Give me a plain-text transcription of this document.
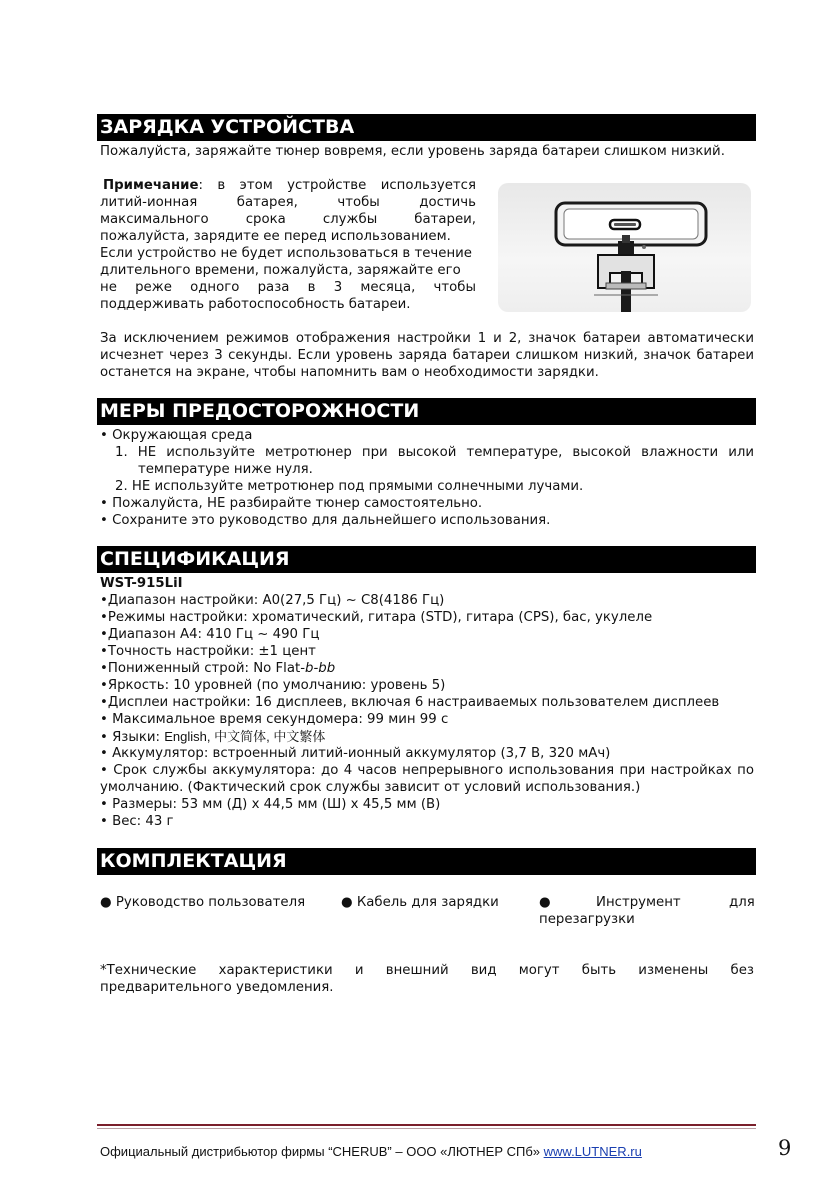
ЗАРЯДКА УСТРОЙСТВА
Пожалуйста, заряжайте тюнер вовремя, если уровень заряда батареи слишком низкий.
Примечание: в этом устройстве используется
литий-ионная батарея, чтобы достичь
максимального срока службы батареи,
пожалуйста, зарядите ее перед использованием.
Если устройство не будет использоваться в течение
длительного времени, пожалуйста, заряжайте его
не реже одного раза в 3 месяца, чтобы
поддерживать работоспособность батареи.
За исключением режимов отображения настройки 1 и 2, значок батареи автоматически
исчезнет через 3 секунды. Если уровень заряда батареи слишком низкий, значок батареи
останется на экране, чтобы напомнить вам о необходимости зарядки.
МЕРЫ ПРЕДОСТОРОЖНОСТИ
• Окружающая среда
1. НЕ используйте метротюнер при высокой температуре, высокой влажности или
температуре ниже нуля.
2. НЕ используйте метротюнер под прямыми солнечными лучами.
• Пожалуйста, НЕ разбирайте тюнер самостоятельно.
• Сохраните это руководство для дальнейшего использования.
СПЕЦИФИКАЦИЯ
WST-915LiI
•Диапазон настройки: A0(27,5 Гц) ~ C8(4186 Гц)
•Режимы настройки: хроматический, гитара (STD), гитара (CPS), бас, укулеле
•Диапазон A4: 410 Гц ~ 490 Гц
•Точность настройки: ±1 цент
•Пониженный строй: No Flat-b-bb
•Яркость: 10 уровней (по умолчанию: уровень 5)
•Дисплеи настройки: 16 дисплеев, включая 6 настраиваемых пользователем дисплеев
• Максимальное время секундомера: 99 мин 99 с
• Языки: English, 中文简体, 中文繁体
• Аккумулятор: встроенный литий-ионный аккумулятор (3,7 В, 320 мАч)
• Срок службы аккумулятора: до 4 часов непрерывного использования при настройках по
умолчанию. (Фактический срок службы зависит от условий использования.)
• Размеры: 53 мм (Д) x 44,5 мм (Ш) x 45,5 мм (В)
• Вес: 43 г
КОМПЛЕКТАЦИЯ
● Руководство пользователя	● Кабель для зарядки	●	Инструмент	для
перезагрузки
*Технические характеристики и внешний вид могут быть изменены без
предварительного уведомления.
Официальный дистрибьютор фирмы “CHERUB” – ООО «ЛЮТНЕР СПб» www.LUTNER.ru	9
